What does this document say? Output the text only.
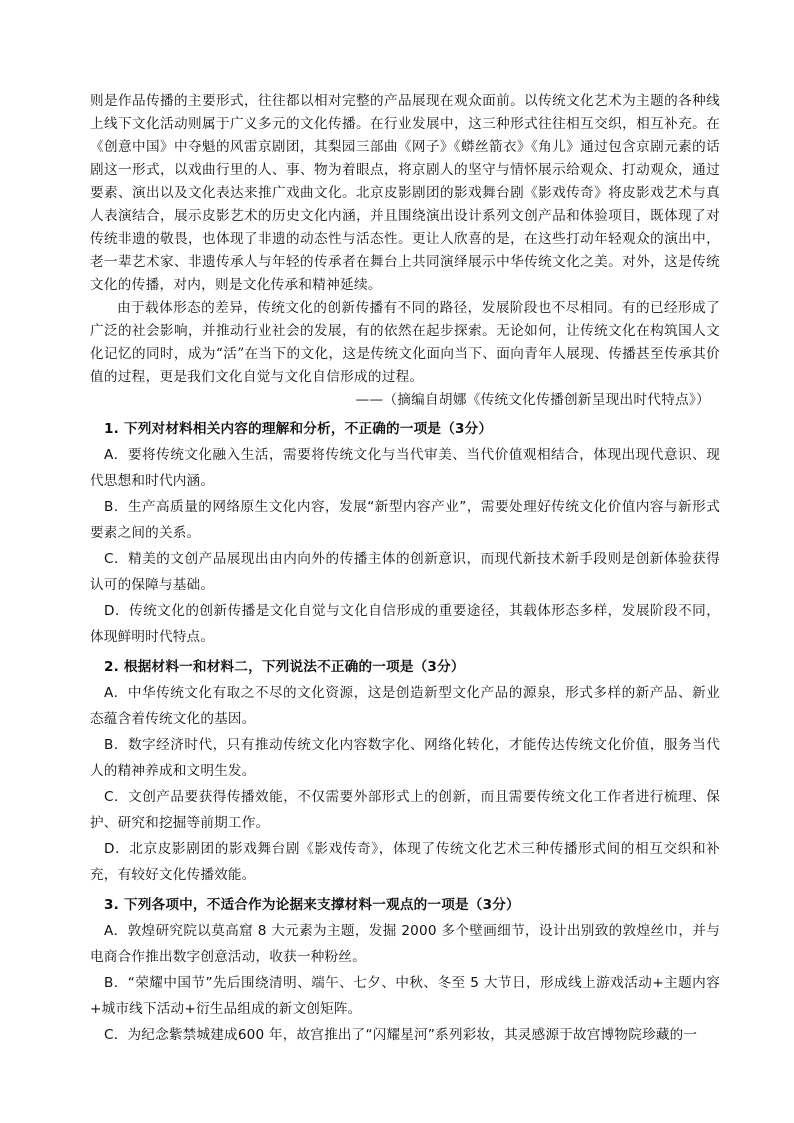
则是作品传播的主要形式，往往都以相对完整的产品展现在观众面前。以传统文化艺术为主题的各种线上线下文化活动则属于广义多元的文化传播。在行业发展中，这三种形式往往相互交织，相互补充。在《创意中国》中夺魁的风雷京剧团，其梨园三部曲《网子》《蟒丝箭衣》《角儿》通过包含京剧元素的话剧这一形式，以戏曲行里的人、事、物为着眼点，将京剧人的坚守与情怀展示给观众、打动观众，通过要素、演出以及文化表达来推广戏曲文化。北京皮影剧团的影戏舞台剧《影戏传奇》将皮影戏艺术与真人表演结合，展示皮影艺术的历史文化内涵，并且围绕演出设计系列文创产品和体验项目，既体现了对传统非遗的敬畏，也体现了非遗的动态性与活态性。更让人欣喜的是，在这些打动年轻观众的演出中，老一辈艺术家、非遗传承人与年轻的传承者在舞台上共同演绎展示中华传统文化之美。对外，这是传统文化的传播，对内，则是文化传承和精神延续。

由于载体形态的差异，传统文化的创新传播有不同的路径，发展阶段也不尽相同。有的已经形成了广泛的社会影响，并推动行业社会的发展，有的依然在起步探索。无论如何，让传统文化在构筑国人文化记忆的同时，成为“活”在当下的文化，这是传统文化面向当下、面向青年人展现、传播甚至传承其价值的过程，更是我们文化自觉与文化自信形成的过程。

——（摘编自胡娜《传统文化传播创新呈现出时代特点》）

1. 下列对材料相关内容的理解和分析，不正确的一项是（3分）

A．要将传统文化融入生活，需要将传统文化与当代审美、当代价值观相结合，体现出现代意识、现代思想和时代内涵。

B．生产高质量的网络原生文化内容，发展“新型内容产业”，需要处理好传统文化价值内容与新形式要素之间的关系。

C．精美的文创产品展现出由内向外的传播主体的创新意识，而现代新技术新手段则是创新体验获得认可的保障与基础。

D．传统文化的创新传播是文化自觉与文化自信形成的重要途径，其载体形态多样，发展阶段不同，体现鲜明时代特点。

2. 根据材料一和材料二，下列说法不正确的一项是（3分）

A．中华传统文化有取之不尽的文化资源，这是创造新型文化产品的源泉，形式多样的新产品、新业态蕴含着传统文化的基因。

B．数字经济时代，只有推动传统文化内容数字化、网络化转化，才能传达传统文化价值，服务当代人的精神养成和文明生发。

C．文创产品要获得传播效能，不仅需要外部形式上的创新，而且需要传统文化工作者进行梳理、保护、研究和挖掘等前期工作。

D．北京皮影剧团的影戏舞台剧《影戏传奇》，体现了传统文化艺术三种传播形式间的相互交织和补充，有较好文化传播效能。

3. 下列各项中，不适合作为论据来支撑材料一观点的一项是（3分）

A．敦煌研究院以莫高窟 8 大元素为主题，发掘 2000 多个壁画细节，设计出别致的敦煌丝巾，并与电商合作推出数字创意活动，收获一种粉丝。

B．“荣耀中国节”先后围绕清明、端午、七夕、中秋、冬至 5 大节日，形成线上游戏活动+主题内容+城市线下活动+衍生品组成的新文创矩阵。

C．为纪念紫禁城建成600 年，故宫推出了“闪耀星河”系列彩妆，其灵感源于故宫博物院珍藏的一
